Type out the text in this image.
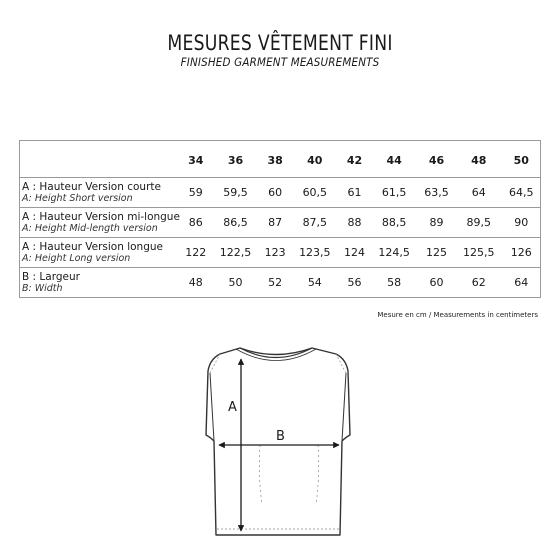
MESURES VÊTEMENT FINI
FINISHED GARMENT MEASUREMENTS
	34	36	38	40	42	44	46	48	50

A : Hauteur Version courte
A: Height Short version	59	59,5	60	60,5	61	61,5	63,5	64	64,5

A : Hauteur Version mi-longue
A: Height Mid-length version	86	86,5	87	87,5	88	88,5	89	89,5	90

A : Hauteur Version longue
A: Height Long version	122	122,5	123	123,5	124	124,5	125	125,5	126

B : Largeur
B: Width	48	50	52	54	56	58	60	62	64
Mesure en cm / Measurements in centimeters
A
B
